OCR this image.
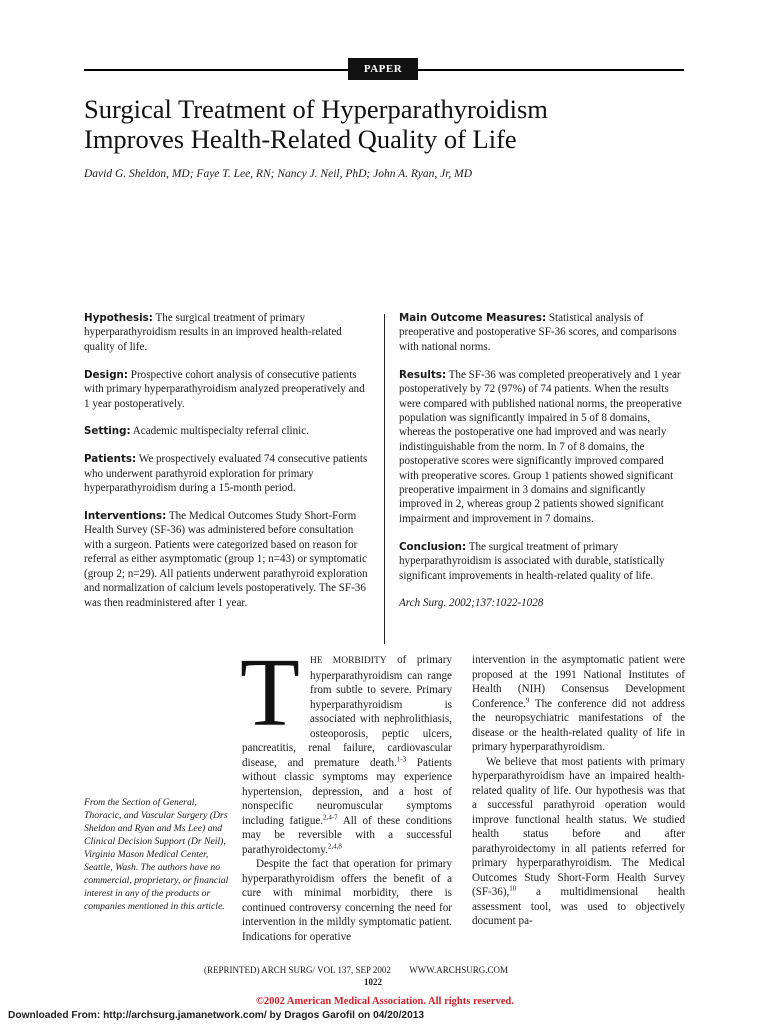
PAPER
Surgical Treatment of Hyperparathyroidism
Improves Health-Related Quality of Life
David G. Sheldon, MD; Faye T. Lee, RN; Nancy J. Neil, PhD; John A. Ryan, Jr, MD

Hypothesis: The surgical treatment of primary hyperparathyroidism results in an improved health-related quality of life.

Design: Prospective cohort analysis of consecutive patients with primary hyperparathyroidism analyzed preoperatively and 1 year postoperatively.

Setting: Academic multispecialty referral clinic.

Patients: We prospectively evaluated 74 consecutive patients who underwent parathyroid exploration for primary hyperparathyroidism during a 15-month period.

Interventions: The Medical Outcomes Study Short-Form Health Survey (SF-36) was administered before consultation with a surgeon. Patients were categorized based on reason for referral as either asymptomatic (group 1; n=43) or symptomatic (group 2; n=29). All patients underwent parathyroid exploration and normalization of calcium levels postoperatively. The SF-36 was then readministered after 1 year.

Main Outcome Measures: Statistical analysis of preoperative and postoperative SF-36 scores, and comparisons with national norms.

Results: The SF-36 was completed preoperatively and 1 year postoperatively by 72 (97%) of 74 patients. When the results were compared with published national norms, the preoperative population was significantly impaired in 5 of 8 domains, whereas the postoperative one had improved and was nearly indistinguishable from the norm. In 7 of 8 domains, the postoperative scores were significantly improved compared with preoperative scores. Group 1 patients showed significant preoperative impairment in 3 domains and significantly improved in 2, whereas group 2 patients showed significant impairment and improvement in 7 domains.

Conclusion: The surgical treatment of primary hyperparathyroidism is associated with durable, statistically significant improvements in health-related quality of life.

Arch Surg. 2002;137:1022-1028

T	HE MORBIDITY of primary hyperparathyroidism can range from subtle to severe. Primary hyperparathyroidism is associated with nephrolithiasis, osteoporosis, peptic ulcers, pancreatitis, renal failure, cardiovascular disease, and premature death.$^{1-3}$ Patients without classic symptoms may experience hypertension, depression, and a host of nonspecific neuromuscular symptoms including fatigue.$^{2,4-7}$ All of these conditions may be reversible with a successful parathyroidectomy.$^{2,4,8}$

Despite the fact that operation for primary hyperparathyroidism offers the benefit of a cure with minimal morbidity, there is continued controversy concerning the need for intervention in the mildly symptomatic patient. Indications for operative

intervention in the asymptomatic patient were proposed at the 1991 National Institutes of Health (NIH) Consensus Development Conference.$^9$ The conference did not address the neuropsychiatric manifestations of the disease or the health-related quality of life in primary hyperparathyroidism.

We believe that most patients with primary hyperparathyroidism have an impaired health-related quality of life. Our hypothesis was that a successful parathyroid operation would improve functional health status. We studied health status before and after parathyroidectomy in all patients referred for primary hyperparathyroidism. The Medical Outcomes Study Short-Form Health Survey (SF-36),$^{10}$ a multidimensional health assessment tool, was used to objectively document pa-

From the Section of General, Thoracic, and Vascular Surgery (Drs Sheldon and Ryan and Ms Lee) and Clinical Decision Support (Dr Neil), Virginia Mason Medical Center, Seattle, Wash. The authors have no commercial, proprietary, or financial interest in any of the products or companies mentioned in this article.
(REPRINTED) ARCH SURG/ VOL 137, SEP 2002 WWW.ARCHSURG.COM
1022
©2002 American Medical Association. All rights reserved.
Downloaded From: http://archsurg.jamanetwork.com/ by Dragos Garofil on 04/20/2013
